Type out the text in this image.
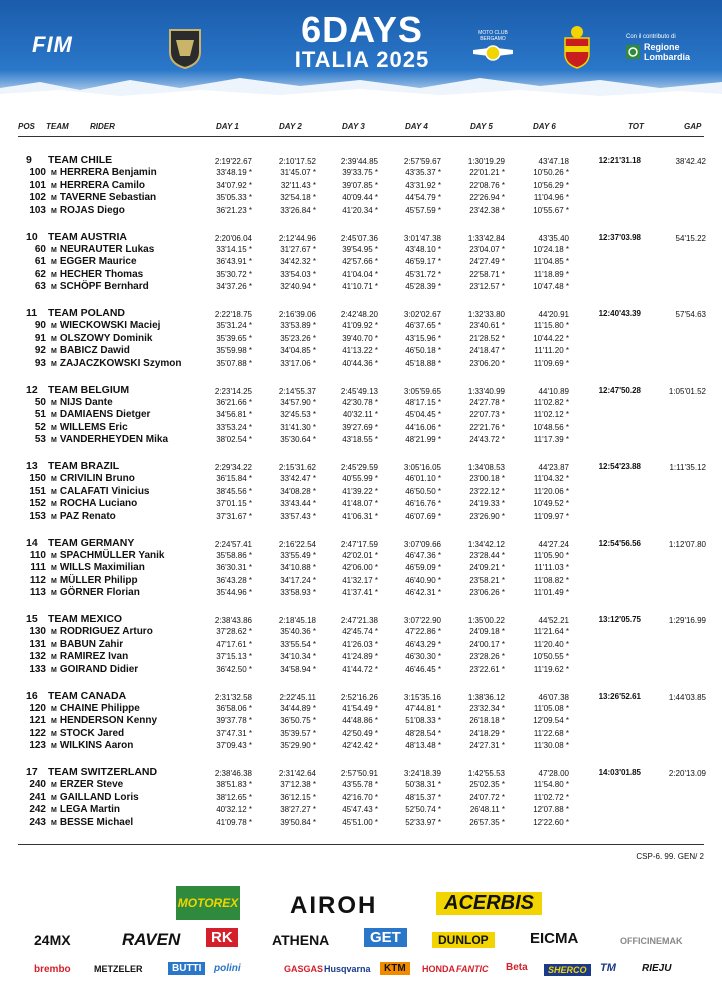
FIM	6DAYS
ITALIA 2025
MOTO CLUB BERGAMO	Con il contributo di
Regione
Lombardia
POS TEAM	RIDER	DAY 1	DAY 2	DAY 3	DAY 4	DAY 5	DAY 6	TOT	GAP
9 TEAM CHILE	2:19'22.67	2:10'17.52	2:39'44.85	2:57'59.67	1:30'19.29	43'47.18	12:21'31.18	38'42.42
100 M HERRERA Benjamin	33'48.19 *	31'45.07 *	39'33.75 *	43'35.37 *	22'01.21 *	10'50.26 *
101 M HERRERA Camilo	34'07.92 *	32'11.43 *	39'07.85 *	43'31.92 *	22'08.76 *	10'56.29 *
102 M TAVERNE Sebastian	35'05.33 *	32'54.18 *	40'09.44 *	44'54.79 *	22'26.94 *	11'04.96 *
103 M ROJAS Diego	36'21.23 *	33'26.84 *	41'20.34 *	45'57.59 *	23'42.38 *	10'55.67 *
10 TEAM AUSTRIA	2:20'06.04	2:12'44.96	2:45'07.36	3:01'47.38	1:33'42.84	43'35.40	12:37'03.98	54'15.22
60 M NEURAUTER Lukas	33'14.15 *	31'27.67 *	39'54.95 *	43'48.10 *	23'04.07 *	10'24.18 *
61 M EGGER Maurice	36'43.91 *	34'42.32 *	42'57.66 *	46'59.17 *	24'27.49 *	11'04.85 *
62 M HECHER Thomas	35'30.72 *	33'54.03 *	41'04.04 *	45'31.72 *	22'58.71 *	11'18.89 *
63 M SCHÖPF Bernhard	34'37.26 *	32'40.94 *	41'10.71 *	45'28.39 *	23'12.57 *	10'47.48 *
11 TEAM POLAND	2:22'18.75	2:16'39.06	2:42'48.20	3:02'02.67	1:32'33.80	44'20.91	12:40'43.39	57'54.63
90 M WIECKOWSKI Maciej	35'31.24 *	33'53.89 *	41'09.92 *	46'37.65 *	23'40.61 *	11'15.80 *
91 M OLSZOWY Dominik	35'39.65 *	35'23.26 *	39'40.70 *	43'15.96 *	21'28.52 *	10'44.22 *
92 M BABICZ Dawid	35'59.98 *	34'04.85 *	41'13.22 *	46'50.18 *	24'18.47 *	11'11.20 *
93 M ZAJACZKOWSKI Szymon	35'07.88 *	33'17.06 *	40'44.36 *	45'18.88 *	23'06.20 *	11'09.69 *
12 TEAM BELGIUM	2:23'14.25	2:14'55.37	2:45'49.13	3:05'59.65	1:33'40.99	44'10.89	12:47'50.28	1:05'01.52
50 M NIJS Dante	36'21.66 *	34'57.90 *	42'30.78 *	48'17.15 *	24'27.78 *	11'02.82 *
51 M DAMIAENS Dietger	34'56.81 *	32'45.53 *	40'32.11 *	45'04.45 *	22'07.73 *	11'02.12 *
52 M WILLEMS Eric	33'53.24 *	31'41.30 *	39'27.69 *	44'16.06 *	22'21.76 *	10'48.56 *
53 M VANDERHEYDEN Mika	38'02.54 *	35'30.64 *	43'18.55 *	48'21.99 *	24'43.72 *	11'17.39 *
13 TEAM BRAZIL	2:29'34.22	2:15'31.62	2:45'29.59	3:05'16.05	1:34'08.53	44'23.87	12:54'23.88	1:11'35.12
150 M CRIVILIN Bruno	36'15.84 *	33'42.47 *	40'55.99 *	46'01.10 *	23'00.18 *	11'04.32 *
151 M CALAFATI Vinicius	38'45.56 *	34'08.28 *	41'39.22 *	46'50.50 *	23'22.12 *	11'20.06 *
152 M ROCHA Luciano	37'01.15 *	33'43.44 *	41'48.07 *	46'16.76 *	24'19.33 *	10'49.52 *
153 M PAZ Renato	37'31.67 *	33'57.43 *	41'06.31 *	46'07.69 *	23'26.90 *	11'09.97 *
14 TEAM GERMANY	2:24'57.41	2:16'22.54	2:47'17.59	3:07'09.66	1:34'42.12	44'27.24	12:54'56.56	1:12'07.80
110 M SPACHMÜLLER Yanik	35'58.86 *	33'55.49 *	42'02.01 *	46'47.36 *	23'28.44 *	11'05.90 *
111 M WILLS Maximilian	36'30.31 *	34'10.88 *	42'06.00 *	46'59.09 *	24'09.21 *	11'11.03 *
112 M MÜLLER Philipp	36'43.28 *	34'17.24 *	41'32.17 *	46'40.90 *	23'58.21 *	11'08.82 *
113 M GÖRNER Florian	35'44.96 *	33'58.93 *	41'37.41 *	46'42.31 *	23'06.26 *	11'01.49 *
15 TEAM MEXICO	2:38'43.86	2:18'45.18	2:47'21.38	3:07'22.90	1:35'00.22	44'52.21	13:12'05.75	1:29'16.99
130 M RODRIGUEZ Arturo	37'28.62 *	35'40.36 *	42'45.74 *	47'22.86 *	24'09.18 *	11'21.64 *
131 M BABUN Zahir	47'17.61 *	33'55.54 *	41'26.03 *	46'43.29 *	24'00.17 *	11'20.40 *
132 M RAMIREZ Ivan	37'15.13 *	34'10.34 *	41'24.89 *	46'30.30 *	23'28.26 *	10'50.55 *
133 M GOIRAND Didier	36'42.50 *	34'58.94 *	41'44.72 *	46'46.45 *	23'22.61 *	11'19.62 *
16 TEAM CANADA	2:31'32.58	2:22'45.11	2:52'16.26	3:15'35.16	1:38'36.12	46'07.38	13:26'52.61	1:44'03.85
120 M CHAINE Philippe	36'58.06 *	34'44.89 *	41'54.49 *	47'44.81 *	23'32.34 *	11'05.08 *
121 M HENDERSON Kenny	39'37.78 *	36'50.75 *	44'48.86 *	51'08.33 *	26'18.18 *	12'09.54 *
122 M STOCK Jared	37'47.31 *	35'39.57 *	42'50.49 *	48'28.54 *	24'18.29 *	11'22.68 *
123 M WILKINS Aaron	37'09.43 *	35'29.90 *	42'42.42 *	48'13.48 *	24'27.31 *	11'30.08 *
17 TEAM SWITZERLAND	2:38'46.38	2:31'42.64	2:57'50.91	3:24'18.39	1:42'55.53	47'28.00	14:03'01.85	2:20'13.09
240 M ERZER Steve	38'51.83 *	37'12.38 *	43'55.78 *	50'38.31 *	25'02.35 *	11'54.80 *
241 M GAILLAND Loris	38'12.65 *	36'12.15 *	42'16.70 *	48'15.37 *	24'07.72 *	11'02.72 *
242 M LEGA Martin	40'32.12 *	38'27.27 *	45'47.43 *	52'50.74 *	26'48.11 *	12'07.88 *
243 M BESSE Michael	41'09.78 *	39'50.84 *	45'51.00 *	52'33.97 *	26'57.35 *	12'22.60 *
CSP-6. 99. GEN/ 2
MOTOREX AIROH	ACERBIS
24MX	RAVEN	RK	ATHENA	GET	DUNLOP	EICMA	OFFICINEMAK
brembo	METZELER	BUTTI	polini	GASGAS Husqvarna	KTM	HONDA FANTIC Beta	SHERCO	TM	RIEJU
